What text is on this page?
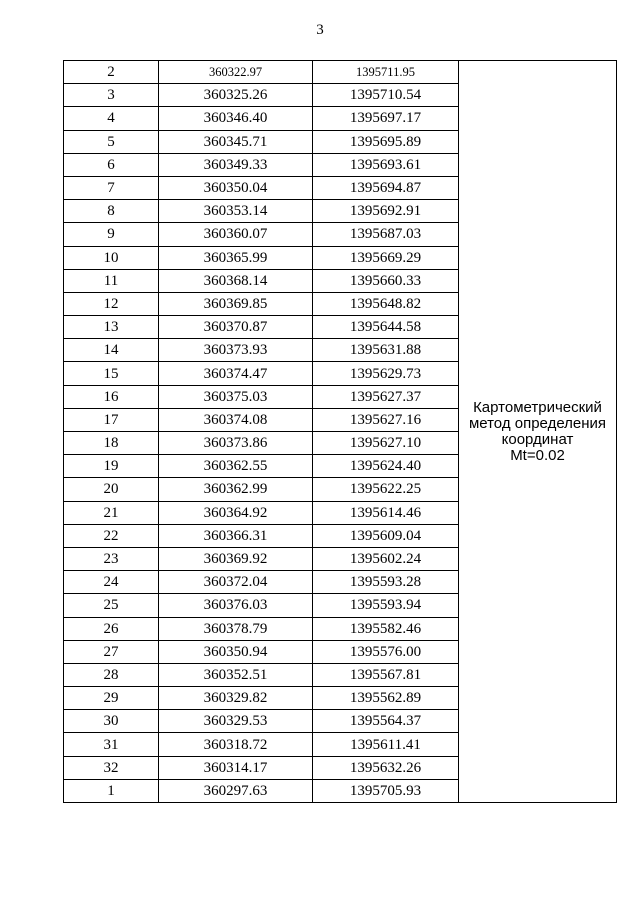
3
2	360322.97	1395711.95	Картометрический
метод определения
координат
Mt=0.02

3	360325.26	1395710.54	
4	360346.40	1395697.17	
5	360345.71	1395695.89	
6	360349.33	1395693.61	
7	360350.04	1395694.87	
8	360353.14	1395692.91	
9	360360.07	1395687.03	
10	360365.99	1395669.29	
11	360368.14	1395660.33	
12	360369.85	1395648.82	
13	360370.87	1395644.58	
14	360373.93	1395631.88	
15	360374.47	1395629.73	
16	360375.03	1395627.37	
17	360374.08	1395627.16	
18	360373.86	1395627.10	
19	360362.55	1395624.40	
20	360362.99	1395622.25	
21	360364.92	1395614.46	
22	360366.31	1395609.04	
23	360369.92	1395602.24	
24	360372.04	1395593.28	
25	360376.03	1395593.94	
26	360378.79	1395582.46	
27	360350.94	1395576.00	
28	360352.51	1395567.81	
29	360329.82	1395562.89	
30	360329.53	1395564.37	
31	360318.72	1395611.41	
32	360314.17	1395632.26	
1	360297.63	1395705.93	
